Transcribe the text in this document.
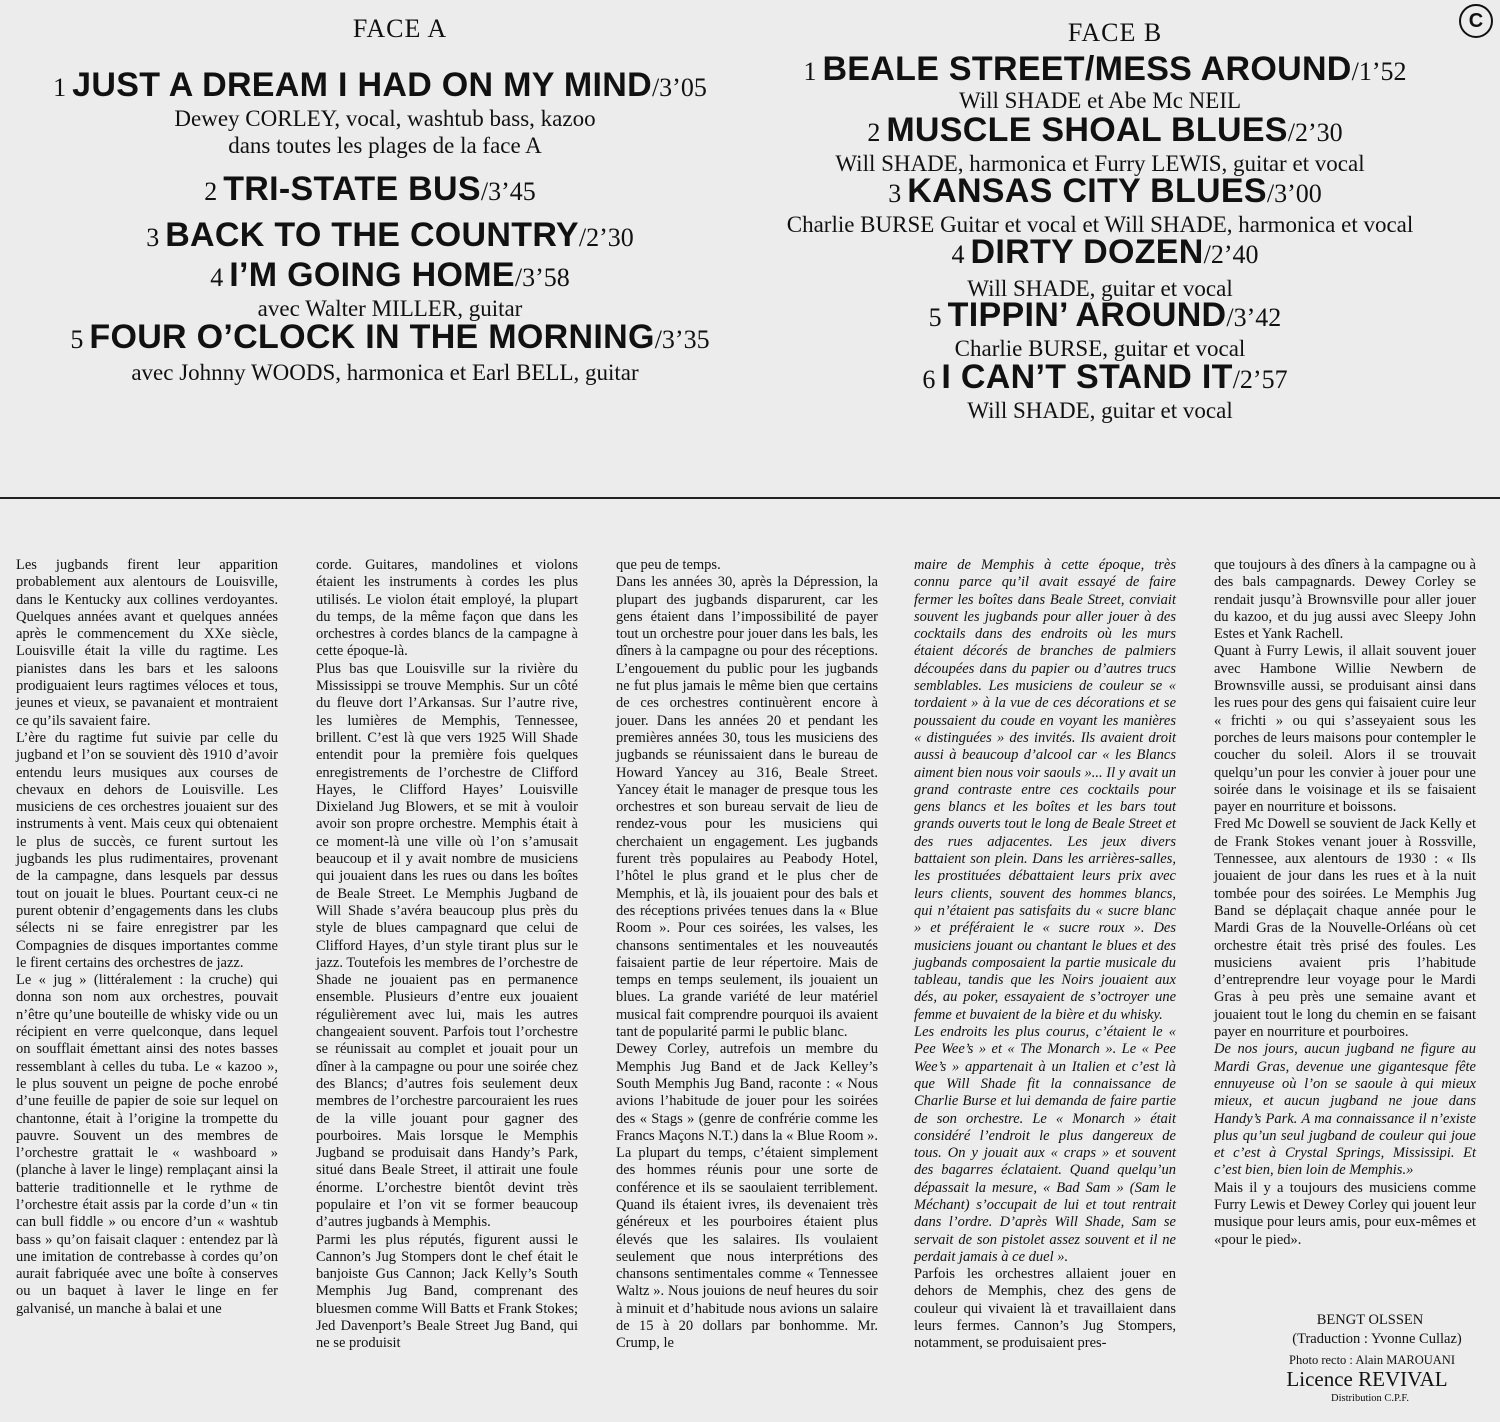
C
FACE A
1 JUST A DREAM I HAD ON MY MIND/3’05
Dewey CORLEY, vocal, washtub bass, kazoo
dans toutes les plages de la face A
2 TRI-STATE BUS/3’45
3 BACK TO THE COUNTRY/2’30
4 I’M GOING HOME/3’58
avec Walter MILLER, guitar
5 FOUR O’CLOCK IN THE MORNING/3’35
avec Johnny WOODS, harmonica et Earl BELL, guitar
FACE B
1 BEALE STREET/MESS AROUND/1’52
Will SHADE et Abe Mc NEIL
2 MUSCLE SHOAL BLUES/2’30
Will SHADE, harmonica et Furry LEWIS, guitar et vocal
3 KANSAS CITY BLUES/3’00
Charlie BURSE Guitar et vocal et Will SHADE, harmonica et vocal
4 DIRTY DOZEN/2’40
Will SHADE, guitar et vocal
5 TIPPIN’ AROUND/3’42
Charlie BURSE, guitar et vocal
6 I CAN’T STAND IT/2’57
Will SHADE, guitar et vocal

Les jugbands firent leur apparition probablement aux alentours de Louisville, dans le Kentucky aux collines verdoyantes. Quelques années avant et quelques années après le commencement du XXe siècle, Louisville était la ville du ragtime. Les pianistes dans les bars et les saloons prodiguaient leurs ragtimes véloces et tous, jeunes et vieux, se pavanaient et montraient ce qu’ils savaient faire.

L’ère du ragtime fut suivie par celle du jugband et l’on se souvient dès 1910 d’avoir entendu leurs musiques aux courses de chevaux en dehors de Louisville. Les musiciens de ces orchestres jouaient sur des instruments à vent. Mais ceux qui obtenaient le plus de succès, ce furent surtout les jugbands les plus rudimentaires, provenant de la campagne, dans lesquels par dessus tout on jouait le blues. Pourtant ceux-ci ne purent obtenir d’engagements dans les clubs sélects ni se faire enregistrer par les Compagnies de disques importantes comme le firent certains des orchestres de jazz.

Le « jug » (littéralement : la cruche) qui donna son nom aux orchestres, pouvait n’être qu’une bouteille de whisky vide ou un récipient en verre quelconque, dans lequel on soufflait émettant ainsi des notes basses ressemblant à celles du tuba. Le « kazoo », le plus souvent un peigne de poche enrobé d’une feuille de papier de soie sur lequel on chantonne, était à l’origine la trompette du pauvre. Souvent un des membres de l’orchestre grattait le « washboard » (planche à laver le linge) remplaçant ainsi la batterie traditionnelle et le rythme de l’orchestre était assis par la corde d’un « tin can bull fiddle » ou encore d’un « washtub bass » qu’on faisait claquer : entendez par là une imitation de contrebasse à cordes qu’on aurait fabriquée avec une boîte à conserves ou un baquet à laver le linge en fer galvanisé, un manche à balai et une

corde. Guitares, mandolines et violons étaient les instruments à cordes les plus utilisés. Le violon était employé, la plupart du temps, de la même façon que dans les orchestres à cordes blancs de la campagne à cette époque-là.

Plus bas que Louisville sur la rivière du Mississippi se trouve Memphis. Sur un côté du fleuve dort l’Arkansas. Sur l’autre rive, les lumières de Memphis, Tennessee, brillent. C’est là que vers 1925 Will Shade entendit pour la première fois quelques enregistrements de l’orchestre de Clifford Hayes, le Clifford Hayes’ Louisville Dixieland Jug Blowers, et se mit à vouloir avoir son propre orchestre. Memphis était à ce moment-là une ville où l’on s’amusait beaucoup et il y avait nombre de musiciens qui jouaient dans les rues ou dans les boîtes de Beale Street. Le Memphis Jugband de Will Shade s’avéra beaucoup plus près du style de blues campagnard que celui de Clifford Hayes, d’un style tirant plus sur le jazz. Toutefois les membres de l’orchestre de Shade ne jouaient pas en permanence ensemble. Plusieurs d’entre eux jouaient régulièrement avec lui, mais les autres changeaient souvent. Parfois tout l’orchestre se réunissait au complet et jouait pour un dîner à la campagne ou pour une soirée chez des Blancs; d’autres fois seulement deux membres de l’orchestre parcouraient les rues de la ville jouant pour gagner des pourboires. Mais lorsque le Memphis Jugband se produisait dans Handy’s Park, situé dans Beale Street, il attirait une foule énorme. L’orchestre bientôt devint très populaire et l’on vit se former beaucoup d’autres jugbands à Memphis.

Parmi les plus réputés, figurent aussi le Cannon’s Jug Stompers dont le chef était le banjoiste Gus Cannon; Jack Kelly’s South Memphis Jug Band, comprenant des bluesmen comme Will Batts et Frank Stokes; Jed Davenport’s Beale Street Jug Band, qui ne se produisit

que peu de temps.

Dans les années 30, après la Dépression, la plupart des jugbands disparurent, car les gens étaient dans l’impossibilité de payer tout un orchestre pour jouer dans les bals, les dîners à la campagne ou pour des réceptions. L’engouement du public pour les jugbands ne fut plus jamais le même bien que certains de ces orchestres continuèrent encore à jouer. Dans les années 20 et pendant les premières années 30, tous les musiciens des jugbands se réunissaient dans le bureau de Howard Yancey au 316, Beale Street. Yancey était le manager de presque tous les orchestres et son bureau servait de lieu de rendez-vous pour les musiciens qui cherchaient un engagement. Les jugbands furent très populaires au Peabody Hotel, l’hôtel le plus grand et le plus cher de Memphis, et là, ils jouaient pour des bals et des réceptions privées tenues dans la « Blue Room ». Pour ces soirées, les valses, les chansons sentimentales et les nouveautés faisaient partie de leur répertoire. Mais de temps en temps seulement, ils jouaient un blues. La grande variété de leur matériel musical fait comprendre pourquoi ils avaient tant de popularité parmi le public blanc.

Dewey Corley, autrefois un membre du Memphis Jug Band et de Jack Kelley’s South Memphis Jug Band, raconte : « Nous avions l’habitude de jouer pour les soirées des « Stags » (genre de confrérie comme les Francs Maçons N.T.) dans la « Blue Room ». La plupart du temps, c’étaient simplement des hommes réunis pour une sorte de conférence et ils se saoulaient terriblement. Quand ils étaient ivres, ils devenaient très généreux et les pourboires étaient plus élevés que les salaires. Ils voulaient seulement que nous interprétions des chansons sentimentales comme « Tennessee Waltz ». Nous jouions de neuf heures du soir à minuit et d’habitude nous avions un salaire de 15 à 20 dollars par bonhomme. Mr. Crump, le

maire de Memphis à cette époque, très connu parce qu’il avait essayé de faire fermer les boîtes dans Beale Street, conviait souvent les jugbands pour aller jouer à des cocktails dans des endroits où les murs étaient décorés de branches de palmiers découpées dans du papier ou d’autres trucs semblables. Les musiciens de couleur se « tordaient » à la vue de ces décorations et se poussaient du coude en voyant les manières « distinguées » des invités. Ils avaient droit aussi à beaucoup d’alcool car « les Blancs aiment bien nous voir saouls »... Il y avait un grand contraste entre ces cocktails pour gens blancs et les boîtes et les bars tout grands ouverts tout le long de Beale Street et des rues adjacentes. Les jeux divers battaient son plein. Dans les arrières-salles, les prostituées débattaient leurs prix avec leurs clients, souvent des hommes blancs, qui n’étaient pas satisfaits du « sucre blanc » et préféraient le « sucre roux ». Des musiciens jouant ou chantant le blues et des jugbands composaient la partie musicale du tableau, tandis que les Noirs jouaient aux dés, au poker, essayaient de s’octroyer une femme et buvaient de la bière et du whisky.

Les endroits les plus courus, c’étaient le « Pee Wee’s » et « The Monarch ». Le « Pee Wee’s » appartenait à un Italien et c’est là que Will Shade fit la connaissance de Charlie Burse et lui demanda de faire partie de son orchestre. Le « Monarch » était considéré l’endroit le plus dangereux de tous. On y jouait aux « craps » et souvent des bagarres éclataient. Quand quelqu’un dépassait la mesure, « Bad Sam » (Sam le Méchant) s’occupait de lui et tout rentrait dans l’ordre. D’après Will Shade, Sam se servait de son pistolet assez souvent et il ne perdait jamais à ce duel ».

Parfois les orchestres allaient jouer en dehors de Memphis, chez des gens de couleur qui vivaient là et travaillaient dans leurs fermes. Cannon’s Jug Stompers, notamment, se produisaient pres-

que toujours à des dîners à la campagne ou à des bals campagnards. Dewey Corley se rendait jusqu’à Brownsville pour aller jouer du kazoo, et du jug aussi avec Sleepy John Estes et Yank Rachell.

Quant à Furry Lewis, il allait souvent jouer avec Hambone Willie Newbern de Brownsville aussi, se produisant ainsi dans les rues pour des gens qui faisaient cuire leur « frichti » ou qui s’asseyaient sous les porches de leurs maisons pour contempler le coucher du soleil. Alors il se trouvait quelqu’un pour les convier à jouer pour une soirée dans le voisinage et ils se faisaient payer en nourriture et boissons.

Fred Mc Dowell se souvient de Jack Kelly et de Frank Stokes venant jouer à Rossville, Tennessee, aux alentours de 1930 : « Ils jouaient de jour dans les rues et à la nuit tombée pour des soirées. Le Memphis Jug Band se déplaçait chaque année pour le Mardi Gras de la Nouvelle-Orléans où cet orchestre était très prisé des foules. Les musiciens avaient pris l’habitude d’entreprendre leur voyage pour le Mardi Gras à peu près une semaine avant et jouaient tout le long du chemin en se faisant payer en nourriture et pourboires.

De nos jours, aucun jugband ne figure au Mardi Gras, devenue une gigantesque fête ennuyeuse où l’on se saoule à qui mieux mieux, et aucun jugband ne joue dans Handy’s Park. A ma connaissance il n’existe plus qu’un seul jugband de couleur qui joue et c’est à Crystal Springs, Mississipi. Et c’est bien, bien loin de Memphis.»

Mais il y a toujours des musiciens comme Furry Lewis et Dewey Corley qui jouent leur musique pour leurs amis, pour eux-mêmes et «pour le pied».

BENGT OLSSEN
(Traduction : Yvonne Cullaz)
Photo recto : Alain MAROUANI
Licence REVIVAL
Distribution C.P.F.
